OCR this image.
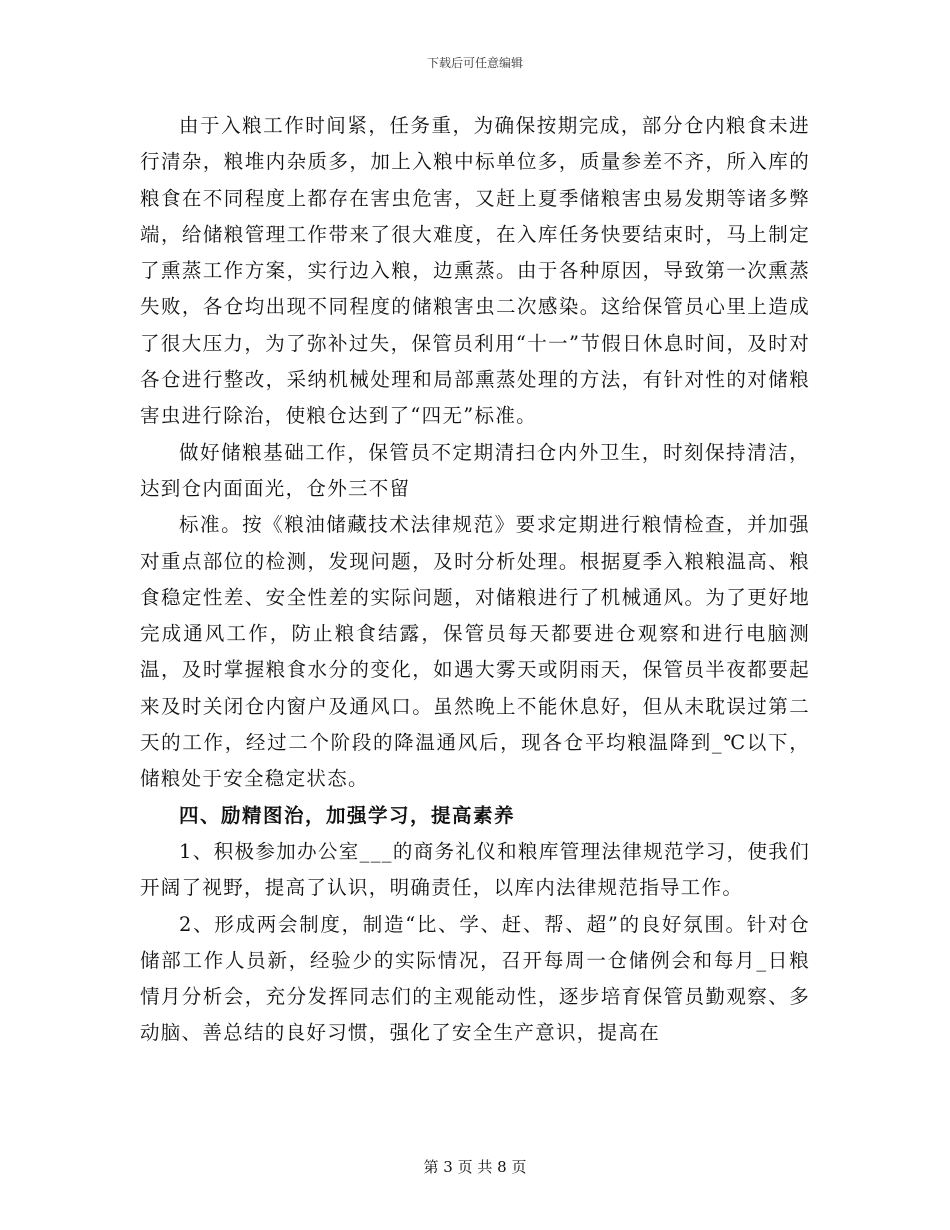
下载后可任意编辑

由于入粮工作时间紧，任务重，为确保按期完成，部分仓内粮食未进行清杂，粮堆内杂质多，加上入粮中标单位多，质量参差不齐，所入库的粮食在不同程度上都存在害虫危害，又赶上夏季储粮害虫易发期等诸多弊端，给储粮管理工作带来了很大难度，在入库任务快要结束时，马上制定了熏蒸工作方案，实行边入粮，边熏蒸。由于各种原因，导致第一次熏蒸失败，各仓均出现不同程度的储粮害虫二次感染。这给保管员心里上造成了很大压力，为了弥补过失，保管员利用“十一”节假日休息时间，及时对各仓进行整改，采纳机械处理和局部熏蒸处理的方法，有针对性的对储粮害虫进行除治，使粮仓达到了“四无”标准。

做好储粮基础工作，保管员不定期清扫仓内外卫生，时刻保持清洁，达到仓内面面光，仓外三不留

标准。按《粮油储藏技术法律规范》要求定期进行粮情检查，并加强对重点部位的检测，发现问题，及时分析处理。根据夏季入粮粮温高、粮食稳定性差、安全性差的实际问题，对储粮进行了机械通风。为了更好地完成通风工作，防止粮食结露，保管员每天都要进仓观察和进行电脑测温，及时掌握粮食水分的变化，如遇大雾天或阴雨天，保管员半夜都要起来及时关闭仓内窗户及通风口。虽然晚上不能休息好，但从未耽误过第二天的工作，经过二个阶段的降温通风后，现各仓平均粮温降到_℃以下，储粮处于安全稳定状态。

四、励精图治，加强学习，提高素养

1、积极参加办公室___的商务礼仪和粮库管理法律规范学习，使我们开阔了视野，提高了认识，明确责任，以库内法律规范指导工作。

2、形成两会制度，制造“比、学、赶、帮、超”的良好氛围。针对仓储部工作人员新，经验少的实际情况，召开每周一仓储例会和每月_日粮情月分析会，充分发挥同志们的主观能动性，逐步培育保管员勤观察、多动脑、善总结的良好习惯，强化了安全生产意识，提高在

第 3 页 共 8 页
